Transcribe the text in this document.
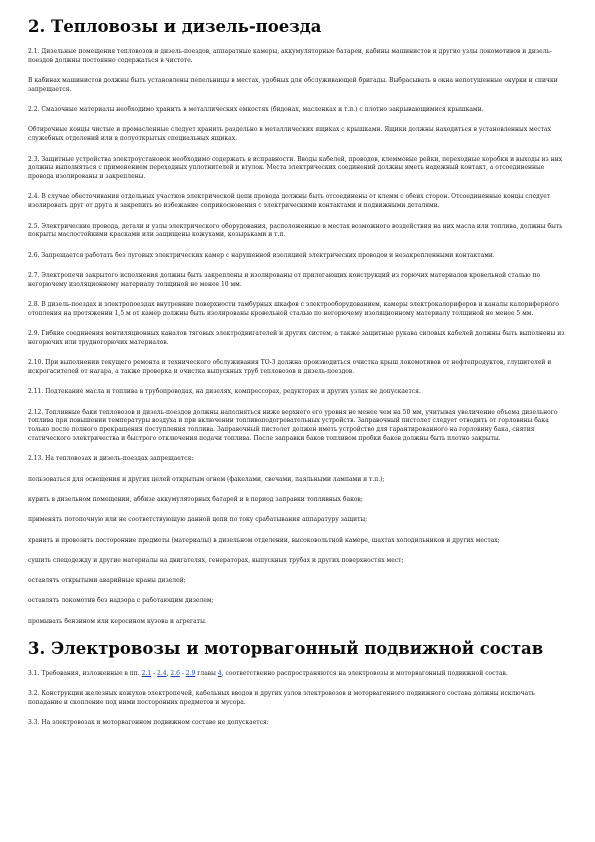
2. Тепловозы и дизель-поезда

2.1. Дизельные помещения тепловозов и дизель-поездов, аппаратные камеры, аккумуляторные батареи, кабины машинистов и другие узлы локомотивов и дизель-поездов должны постоянно содержаться в чистоте.

В кабинах машинистов должны быть установлены пепельницы в местах, удобных для обслуживающей бригады. Выбрасывать в окна непотушенные окурки и спички запрещается.

2.2. Смазочные материалы необходимо хранить в металлических емкостях (бидонах, масленках и т.п.) с плотно закрывающимися крышками.

Обтирочные концы чистые и промасленные следует хранить раздельно в металлических ящиках с крышками. Ящики должны находиться в установленных местах служебных отделений или в полуоткрытых специальных ящиках.

2.3. Защитные устройства электроустановок необходимо содержать в исправности. Вводы кабелей, проводов, клеммовые рейки, переходные коробки и выходы из них должны выполняться с применением переходных уплотнителей и втулок. Места электрических соединений должны иметь надежный контакт, а отсоединенные провода изолированы и закреплены.

2.4. В случае обесточивания отдельных участков электрической цепи провода должны быть отсоединены от клемм с обеих сторон. Отсоединенные концы следует изолировать друг от друга и закрепить во избежание соприкосновения с электрическими контактами и подвижными деталями.

2.5. Электрические провода, детали и узлы электрического оборудования, расположенные в местах возможного воздействия на них масла или топлива, должны быть покрыты маслостойкими красками или защищены кожухами, козырьками и т.п.

2.6. Запрещается работать без луговых электрических камер с нарушенной изоляцией электрических проводов и незакрепленными контактами.

2.7. Электропечи закрытого исполнения должны быть закреплены и изолированы от прилегающих конструкций из горючих материалов кровельной сталью по негорючему изоляционному материалу толщиной не менее 10 мм.

2.8. В дизель-поездах и электропоездах внутренние поверхности тамбурных шкафов с электрооборудованием, камеры электрокалориферов и каналы калориферного отопления на протяжении 1,5 м от камер должны быть изолированы кровельной сталью по негорючему изоляционному материалу толщиной не менее 5 мм.

2.9. Гибкие соединения вентиляционных каналов тяговых электродвигателей и других систем, а также защитные рукава силовых кабелей должны быть выполнены из негорючих или трудногорючих материалов.

2.10. При выполнении текущего ремонта и технического обслуживания ТО-3 должна производиться очистка крыш локомотивов от нефтепродуктов, глушителей и искрогасителей от нагара, а также проверка и очистка выпускных труб тепловозов и дизель-поездов.

2.11. Подтекание масла и топлива в трубопроводах, на дизелях, компрессорах, редукторах и других узлах не допускается.

2.12. Топливные баки тепловозов и дизель-поездов должны наполняться ниже верхнего его уровня не менее чем на 50 мм, учитывая увеличение объема дизельного топлива при повышении температуры воздуха и при включении топливоподогревательных устройств. Заправочный пистолет следует отводить от горловины бака только после полного прекращения поступления топлива. Заправочный пистолет должен иметь устройство для гарантированного на горловину бака, снятия статического электричества и быстрого отключения подачи топлива. После заправки баков топливом пробки баков должны быть плотно закрыты.

2.13. На тепловозах и дизель-поездах запрещается:

пользоваться для освещения и других целей открытым огнем (факелами, свечами, паяльными лампами и т.п.);

курить в дизельном помещении, аббизе аккумуляторных батарей и в период заправки топливных баков;

применять потопочную или не соответствующую данной цепи по току срабатывания аппаратуру защиты;

хранить и провозить посторонние предметы (материалы) в дизельном отделении, высоковольтной камере, шахтах холодильников и других местах;

сушить спецодежду и другие материалы на двигателях, генераторах, выпускных трубах и других поверхностях мест;

оставлять открытыми аварийные краны дизелей;

оставлять локомотив без надзора с работающим дизелем;

промывать бензином или керосином кузова и агрегаты.

3. Электровозы и моторвагонный подвижной состав

3.1. Требования, изложенные в пп. 2.1 - 2.4, 2.6 - 2.9 главы 4, соответственно распространяются на электровозы и моторвагонный подвижной состав.

3.2. Конструкции железных кожухов электропечей, кабельных вводов и других узлов электровозов и моторвагонного подвижного состава должны исключать попадание и скопление под ними посторонних предметов и мусора.

3.3. На электровозах и моторвагонном подвижном составе не допускается:
